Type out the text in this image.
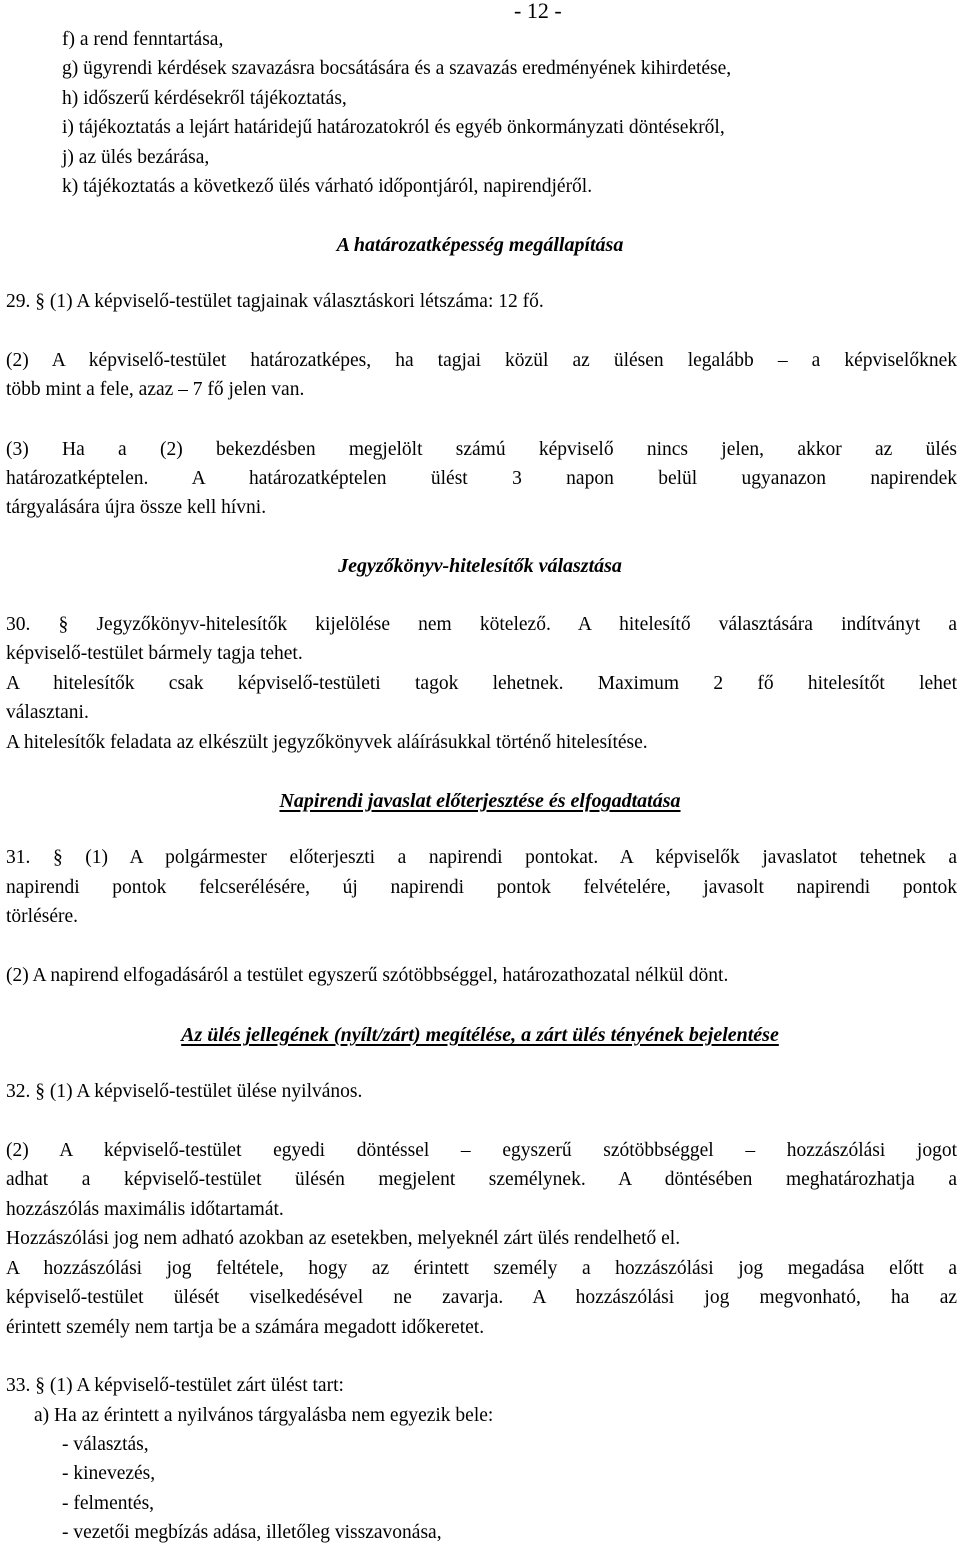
- 12 -
f) a rend fenntartása,
g) ügyrendi kérdések szavazásra bocsátására és a szavazás eredményének kihirdetése,
h) időszerű kérdésekről tájékoztatás,
i) tájékoztatás a lejárt határidejű határozatokról és egyéb önkormányzati döntésekről,
j) az ülés bezárása,
k) tájékoztatás a következő ülés várható időpontjáról, napirendjéről.
A határozatképesség megállapítása
29. § (1) A képviselő-testület tagjainak választáskori létszáma: 12 fő.
(2) A képviselő-testület határozatképes, ha tagjai közül az ülésen legalább – a képviselőknek
több mint a fele, azaz – 7 fő jelen van.
(3) Ha a (2) bekezdésben megjelölt számú képviselő nincs jelen, akkor az ülés
határozatképtelen. A határozatképtelen ülést 3 napon belül ugyanazon napirendek
tárgyalására újra össze kell hívni.
Jegyzőkönyv-hitelesítők választása
30. § Jegyzőkönyv-hitelesítők kijelölése nem kötelező. A hitelesítő választására indítványt a
képviselő-testület bármely tagja tehet.
A hitelesítők csak képviselő-testületi tagok lehetnek. Maximum 2 fő hitelesítőt lehet
választani.
A hitelesítők feladata az elkészült jegyzőkönyvek aláírásukkal történő hitelesítése.
Napirendi javaslat előterjesztése és elfogadtatása
31. § (1) A polgármester előterjeszti a napirendi pontokat. A képviselők javaslatot tehetnek a
napirendi pontok felcserélésére, új napirendi pontok felvételére, javasolt napirendi pontok
törlésére.
(2) A napirend elfogadásáról a testület egyszerű szótöbbséggel, határozathozatal nélkül dönt.
Az ülés jellegének (nyílt/zárt) megítélése, a zárt ülés tényének bejelentése
32. § (1) A képviselő-testület ülése nyilvános.
(2) A képviselő-testület egyedi döntéssel – egyszerű szótöbbséggel – hozzászólási jogot
adhat a képviselő-testület ülésén megjelent személynek. A döntésében meghatározhatja a
hozzászólás maximális időtartamát.
Hozzászólási jog nem adható azokban az esetekben, melyeknél zárt ülés rendelhető el.
A hozzászólási jog feltétele, hogy az érintett személy a hozzászólási jog megadása előtt a
képviselő-testület ülését viselkedésével ne zavarja. A hozzászólási jog megvonható, ha az
érintett személy nem tartja be a számára megadott időkeretet.
33. § (1) A képviselő-testület zárt ülést tart:
a) Ha az érintett a nyilvános tárgyalásba nem egyezik bele:
- választás,
- kinevezés,
- felmentés,
- vezetői megbízás adása, illetőleg visszavonása,
